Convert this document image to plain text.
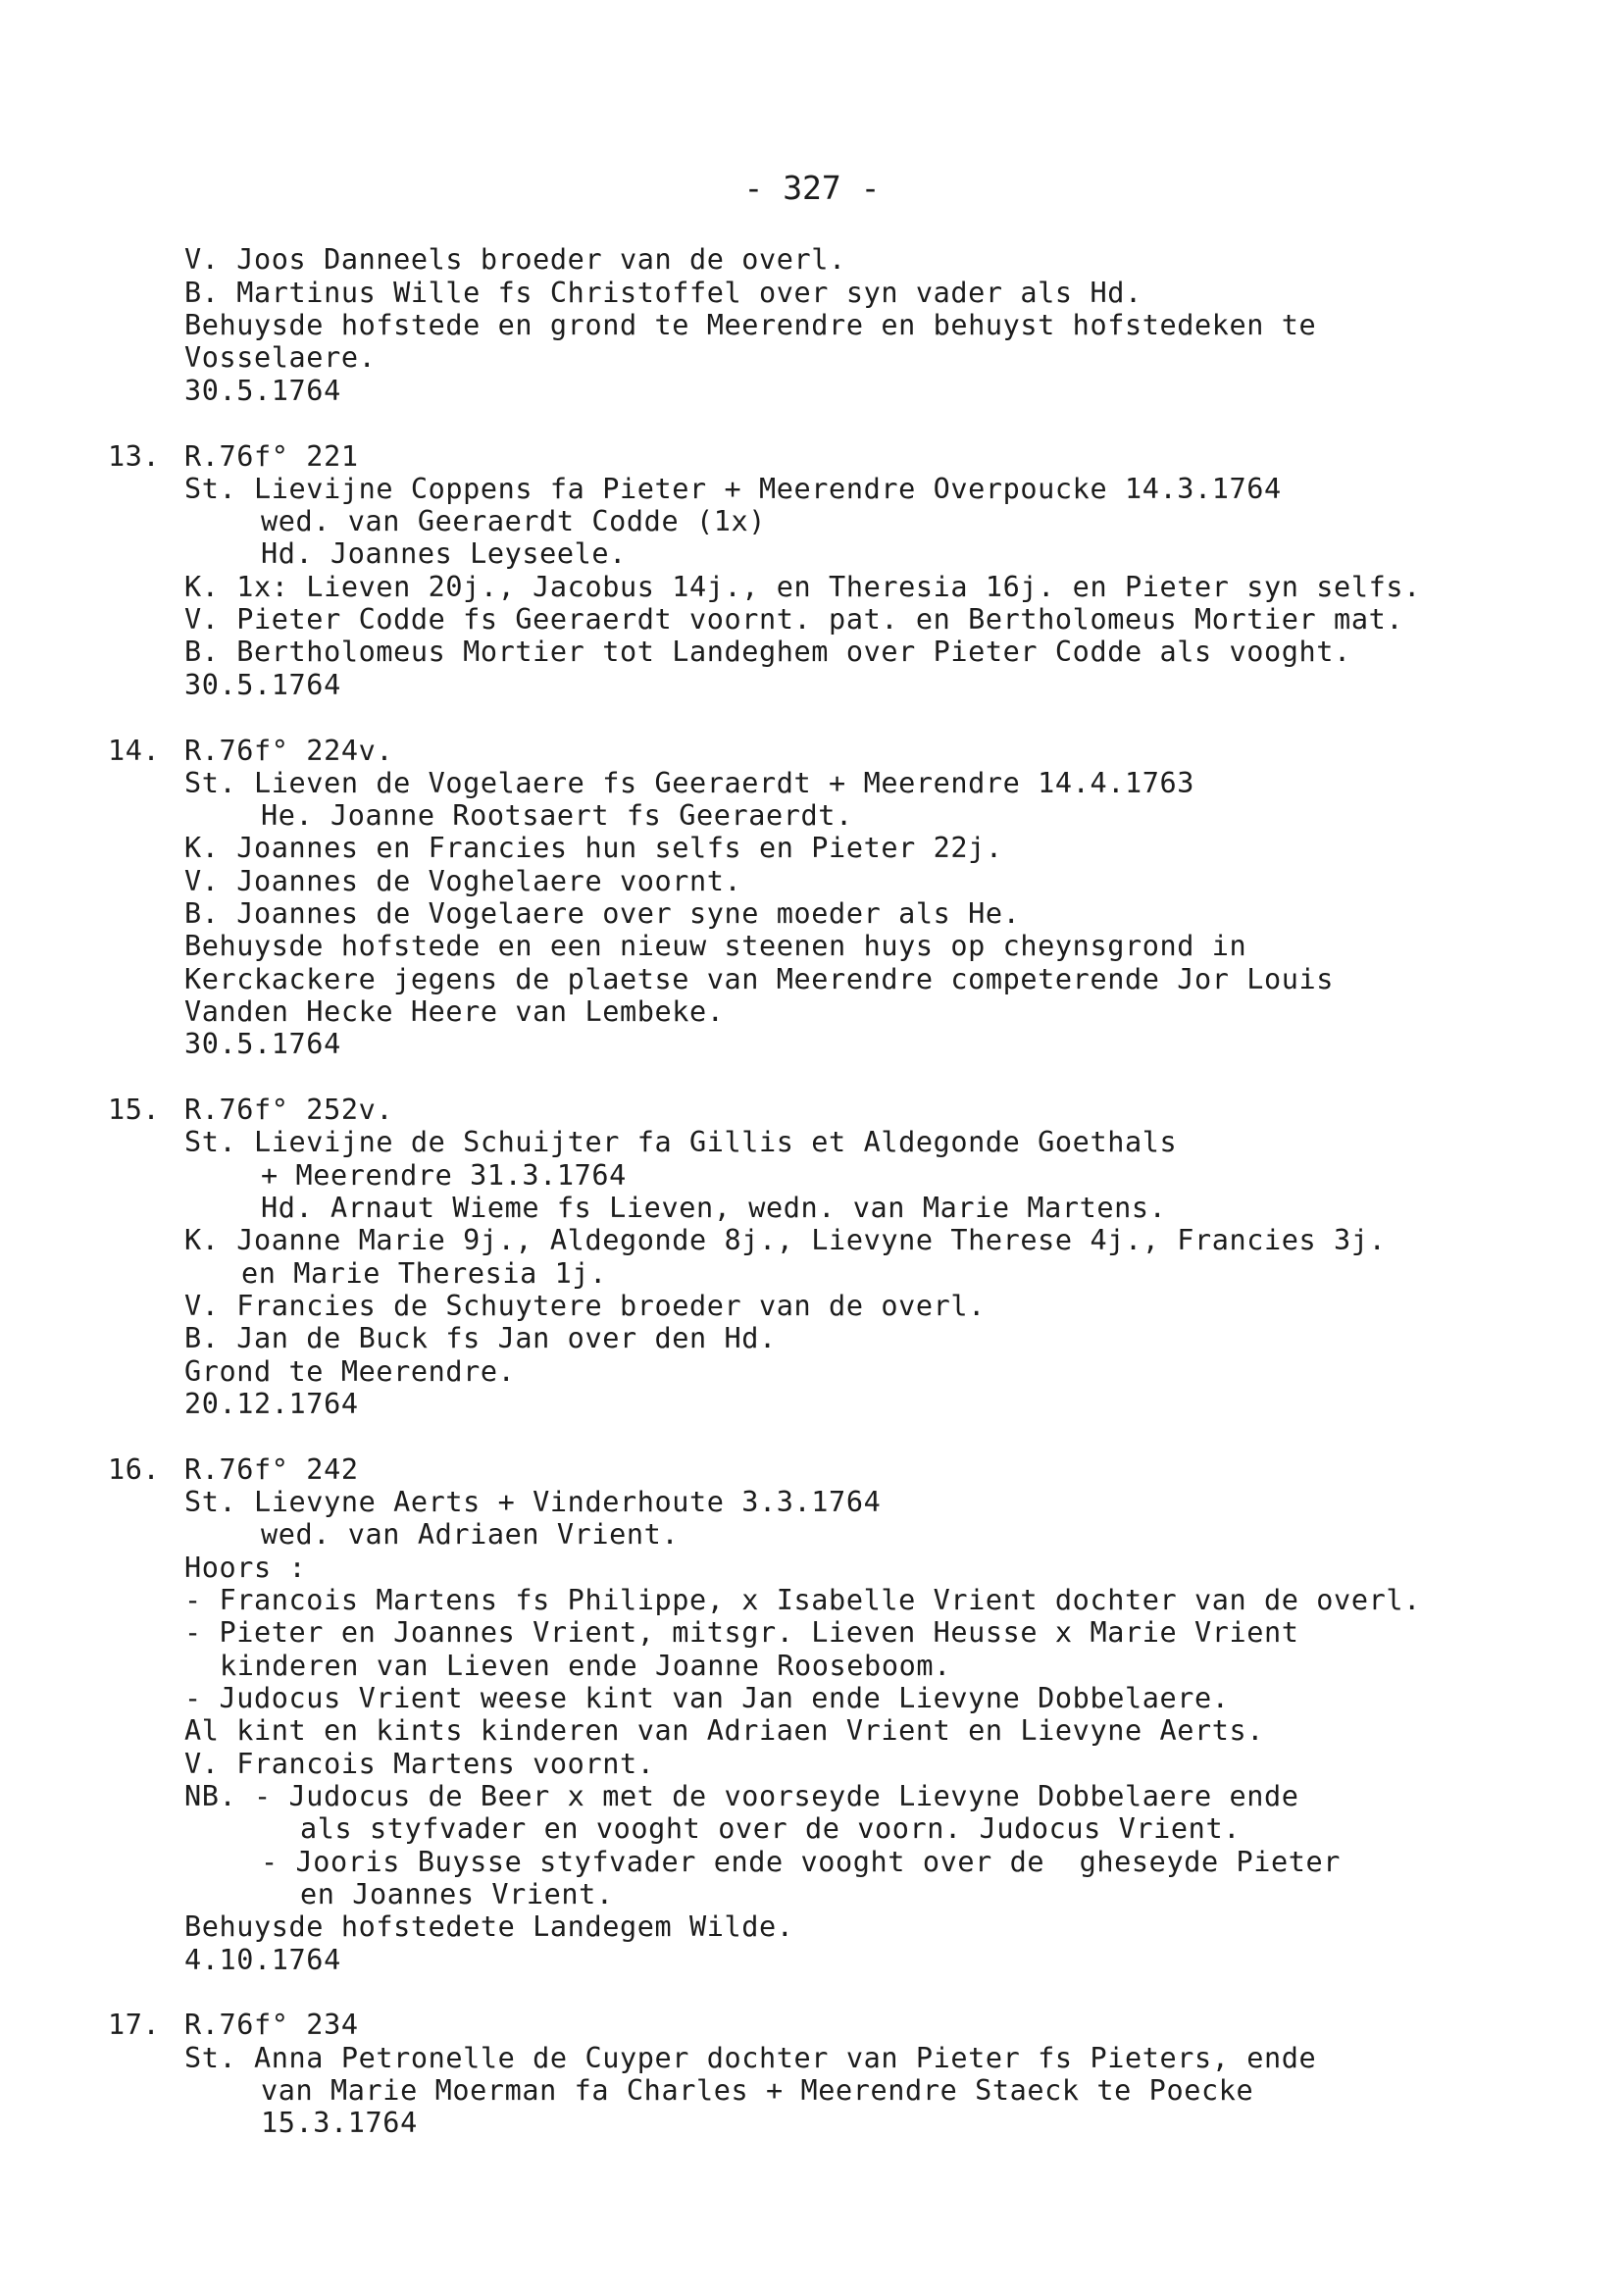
- 327 -
V. Joos Danneels broeder van de overl.
B. Martinus Wille fs Christoffel over syn vader als Hd.
Behuysde hofstede en grond te Meerendre en behuyst hofstedeken te
Vosselaere.
30.5.1764
13. R.76f° 221
St. Lievijne Coppens fa Pieter + Meerendre Overpoucke 14.3.1764
wed. van Geeraerdt Codde (1x)
Hd. Joannes Leyseele.
K. 1x: Lieven 20j., Jacobus 14j., en Theresia 16j. en Pieter syn selfs.
V. Pieter Codde fs Geeraerdt voornt. pat. en Bertholomeus Mortier mat.
B. Bertholomeus Mortier tot Landeghem over Pieter Codde als vooght.
30.5.1764
14. R.76f° 224v.
St. Lieven de Vogelaere fs Geeraerdt + Meerendre 14.4.1763
He. Joanne Rootsaert fs Geeraerdt.
K. Joannes en Francies hun selfs en Pieter 22j.
V. Joannes de Voghelaere voornt.
B. Joannes de Vogelaere over syne moeder als He.
Behuysde hofstede en een nieuw steenen huys op cheynsgrond in
Kerckackere jegens de plaetse van Meerendre competerende Jor Louis
Vanden Hecke Heere van Lembeke.
30.5.1764
15. R.76f° 252v.
St. Lievijne de Schuijter fa Gillis et Aldegonde Goethals
+ Meerendre 31.3.1764
Hd. Arnaut Wieme fs Lieven, wedn. van Marie Martens.
K. Joanne Marie 9j., Aldegonde 8j., Lievyne Therese 4j., Francies 3j.
en Marie Theresia 1j.
V. Francies de Schuytere broeder van de overl.
B. Jan de Buck fs Jan over den Hd.
Grond te Meerendre.
20.12.1764
16. R.76f° 242
St. Lievyne Aerts + Vinderhoute 3.3.1764
wed. van Adriaen Vrient.
Hoors :
- Francois Martens fs Philippe, x Isabelle Vrient dochter van de overl.
- Pieter en Joannes Vrient, mitsgr. Lieven Heusse x Marie Vrient
kinderen van Lieven ende Joanne Rooseboom.
- Judocus Vrient weese kint van Jan ende Lievyne Dobbelaere.
Al kint en kints kinderen van Adriaen Vrient en Lievyne Aerts.
V. Francois Martens voornt.
NB. - Judocus de Beer x met de voorseyde Lievyne Dobbelaere ende
als styfvader en vooght over de voorn. Judocus Vrient.
- Jooris Buysse styfvader ende vooght over de  gheseyde Pieter
en Joannes Vrient.
Behuysde hofstedete Landegem Wilde.
4.10.1764
17. R.76f° 234
St. Anna Petronelle de Cuyper dochter van Pieter fs Pieters, ende
van Marie Moerman fa Charles + Meerendre Staeck te Poecke
15.3.1764
